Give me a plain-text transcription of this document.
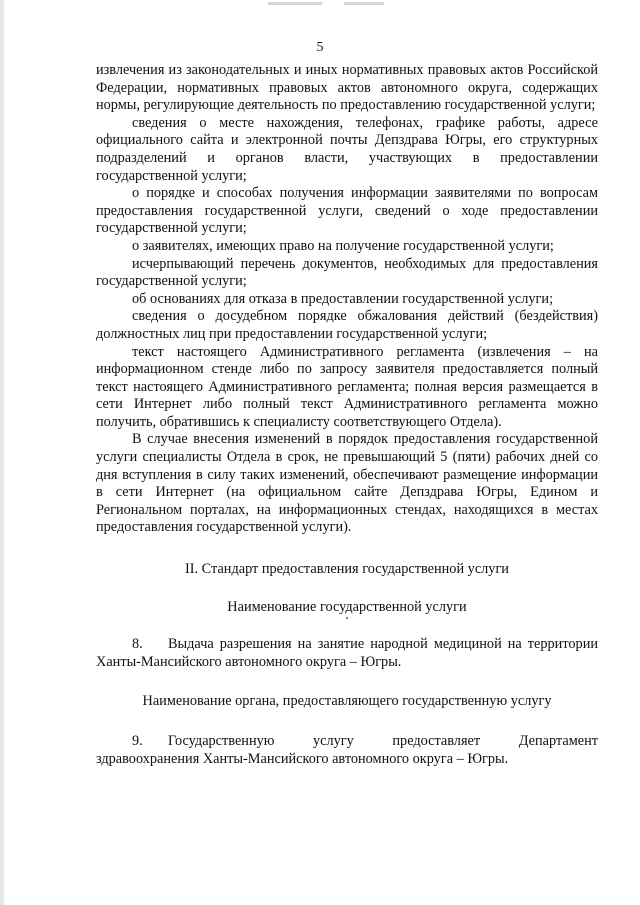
5

извлечения из законодательных и иных нормативных правовых актов Российской Федерации, нормативных правовых актов автономного округа, содержащих нормы, регулирующие деятельность по предоставлению государственной услуги;

сведения о месте нахождения, телефонах, графике работы, адресе официального сайта и электронной почты Депздрава Югры, его структурных подразделений и органов власти, участвующих в предоставлении государственной услуги;

о порядке и способах получения информации заявителями по вопросам предоставления государственной услуги, сведений о ходе предоставлении государственной услуги;

о заявителях, имеющих право на получение государственной услуги;

исчерпывающий перечень документов, необходимых для предоставления государственной услуги;

об основаниях для отказа в предоставлении государственной услуги;

сведения о досудебном порядке обжалования действий (бездействия) должностных лиц при предоставлении государственной услуги;

текст настоящего Административного регламента (извлечения – на информационном стенде либо по запросу заявителя предоставляется полный текст настоящего Административного регламента; полная версия размещается в сети Интернет либо полный текст Административного регламента можно получить, обратившись к специалисту соответствующего Отдела).

В случае внесения изменений в порядок предоставления государственной услуги специалисты Отдела в срок, не превышающий 5 (пяти) рабочих дней со дня вступления в силу таких изменений, обеспечивают размещение информации в сети Интернет (на официальном сайте Депздрава Югры, Едином и Региональном порталах, на информационных стендах, находящихся в местах предоставления государственной услуги).

II. Стандарт предоставления государственной услуги

Наименование государственной услуги

8. Выдача разрешения на занятие народной медициной на территории Ханты-Мансийского автономного округа – Югры.

Наименование органа, предоставляющего государственную услугу

9. Государственную услугу предоставляет Департамент здравоохранения Ханты-Мансийского автономного округа – Югры.
